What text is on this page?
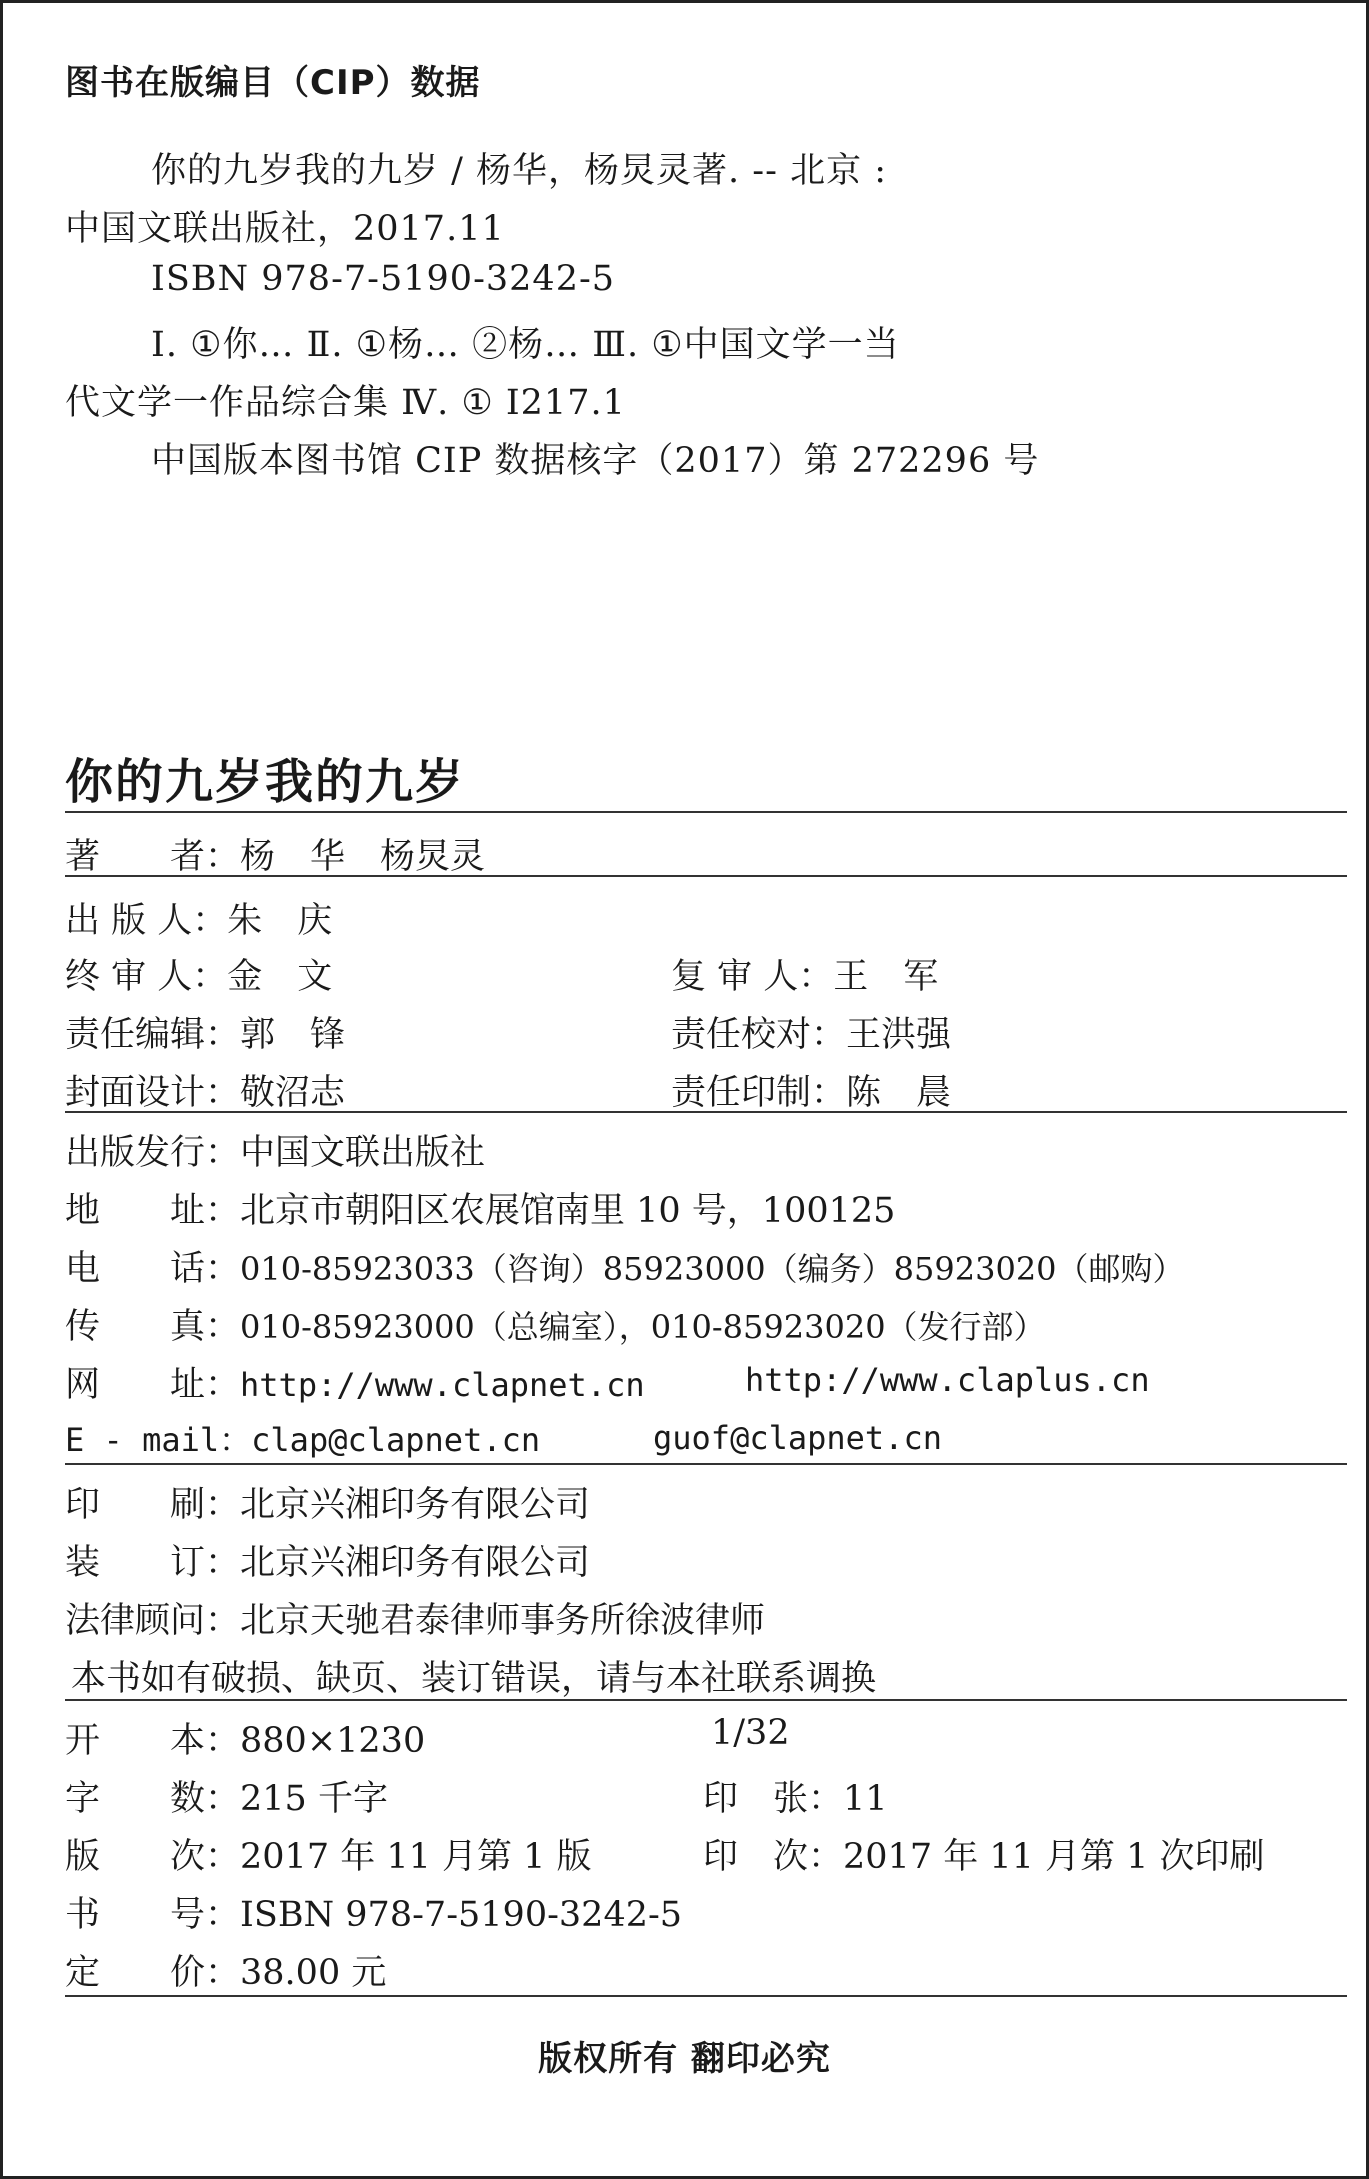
图书在版编目（CIP）数据
你的九岁我的九岁 / 杨华，杨炅灵著. -- 北京 :
中国文联出版社，2017.11
ISBN 978-7-5190-3242-5
Ⅰ. ①你… Ⅱ. ①杨… ②杨… Ⅲ. ①中国文学一当
代文学一作品综合集 Ⅳ. ① I217.1
中国版本图书馆 CIP 数据核字（2017）第 272296 号
你的九岁我的九岁
著　　者：杨　华　杨炅灵
出 版 人：朱　庆
终 审 人：金　文	复 审 人：王　军
责任编辑：郭　锋	责任校对：王洪强
封面设计：敬沼志	责任印制：陈　晨
出版发行：中国文联出版社
地　　址：北京市朝阳区农展馆南里 10 号，100125
电　　话：010-85923033（咨询）85923000（编务）85923020（邮购）
传　　真：010-85923000（总编室），010-85923020（发行部）
网　　址：http://www.clapnet.cn	http://www.claplus.cn
E - mail：clap@clapnet.cn	guof@clapnet.cn
印　　刷：北京兴湘印务有限公司
装　　订：北京兴湘印务有限公司
法律顾问：北京天驰君泰律师事务所徐波律师
本书如有破损、缺页、装订错误，请与本社联系调换
开　　本：880×1230	1/32
字　　数：215 千字	印　张：11
版　　次：2017 年 11 月第 1 版	印　次：2017 年 11 月第 1 次印刷
书　　号：ISBN 978-7-5190-3242-5
定　　价：38.00 元
版权所有 翻印必究
